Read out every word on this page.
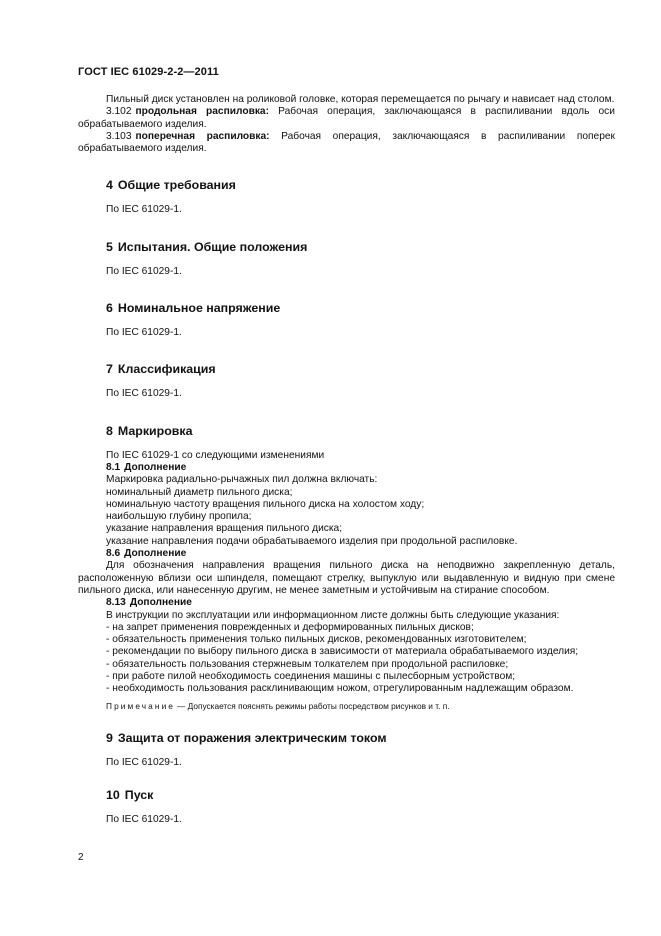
ГОСТ IEC 61029-2-2—2011

Пильный диск установлен на роликовой головке, которая перемещается по рычагу и нависает над столом.

3.102 продольная распиловка: Рабочая операция, заключающаяся в распиливании вдоль оси обрабатываемого изделия.

3.103 поперечная распиловка: Рабочая операция, заключающаяся в распиливании поперек обрабатываемого изделия.

4 Общие требования

По IEC 61029-1.

5 Испытания. Общие положения

По IEC 61029-1.

6 Номинальное напряжение

По IEC 61029-1.

7 Классификация

По IEC 61029-1.

8 Маркировка

По IEC 61029-1 со следующими изменениями

8.1 Дополнение

Маркировка радиально-рычажных пил должна включать:

номинальный диаметр пильного диска;

номинальную частоту вращения пильного диска на холостом ходу;

наибольшую глубину пропила;

указание направления вращения пильного диска;

указание направления подачи обрабатываемого изделия при продольной распиловке.

8.6 Дополнение

Для обозначения направления вращения пильного диска на неподвижно закрепленную деталь, расположенную вблизи оси шпинделя, помещают стрелку, выпуклую или выдавленную и видную при смене пильного диска, или нанесенную другим, не менее заметным и устойчивым на стирание способом.

8.13 Дополнение

В инструкции по эксплуатации или информационном листе должны быть следующие указания:

- на запрет применения поврежденных и деформированных пильных дисков;

- обязательность применения только пильных дисков, рекомендованных изготовителем;

- рекомендации по выбору пильного диска в зависимости от материала обрабатываемого изделия;

- обязательность пользования стержневым толкателем при продольной распиловке;

- при работе пилой необходимость соединения машины с пылесборным устройством;

- необходимость пользования расклинивающим ножом, отрегулированным надлежащим образом.

Примечание — Допускается пояснять режимы работы посредством рисунков и т. п.

9 Защита от поражения электрическим током

По IEC 61029-1.

10 Пуск

По IEC 61029-1.

2
